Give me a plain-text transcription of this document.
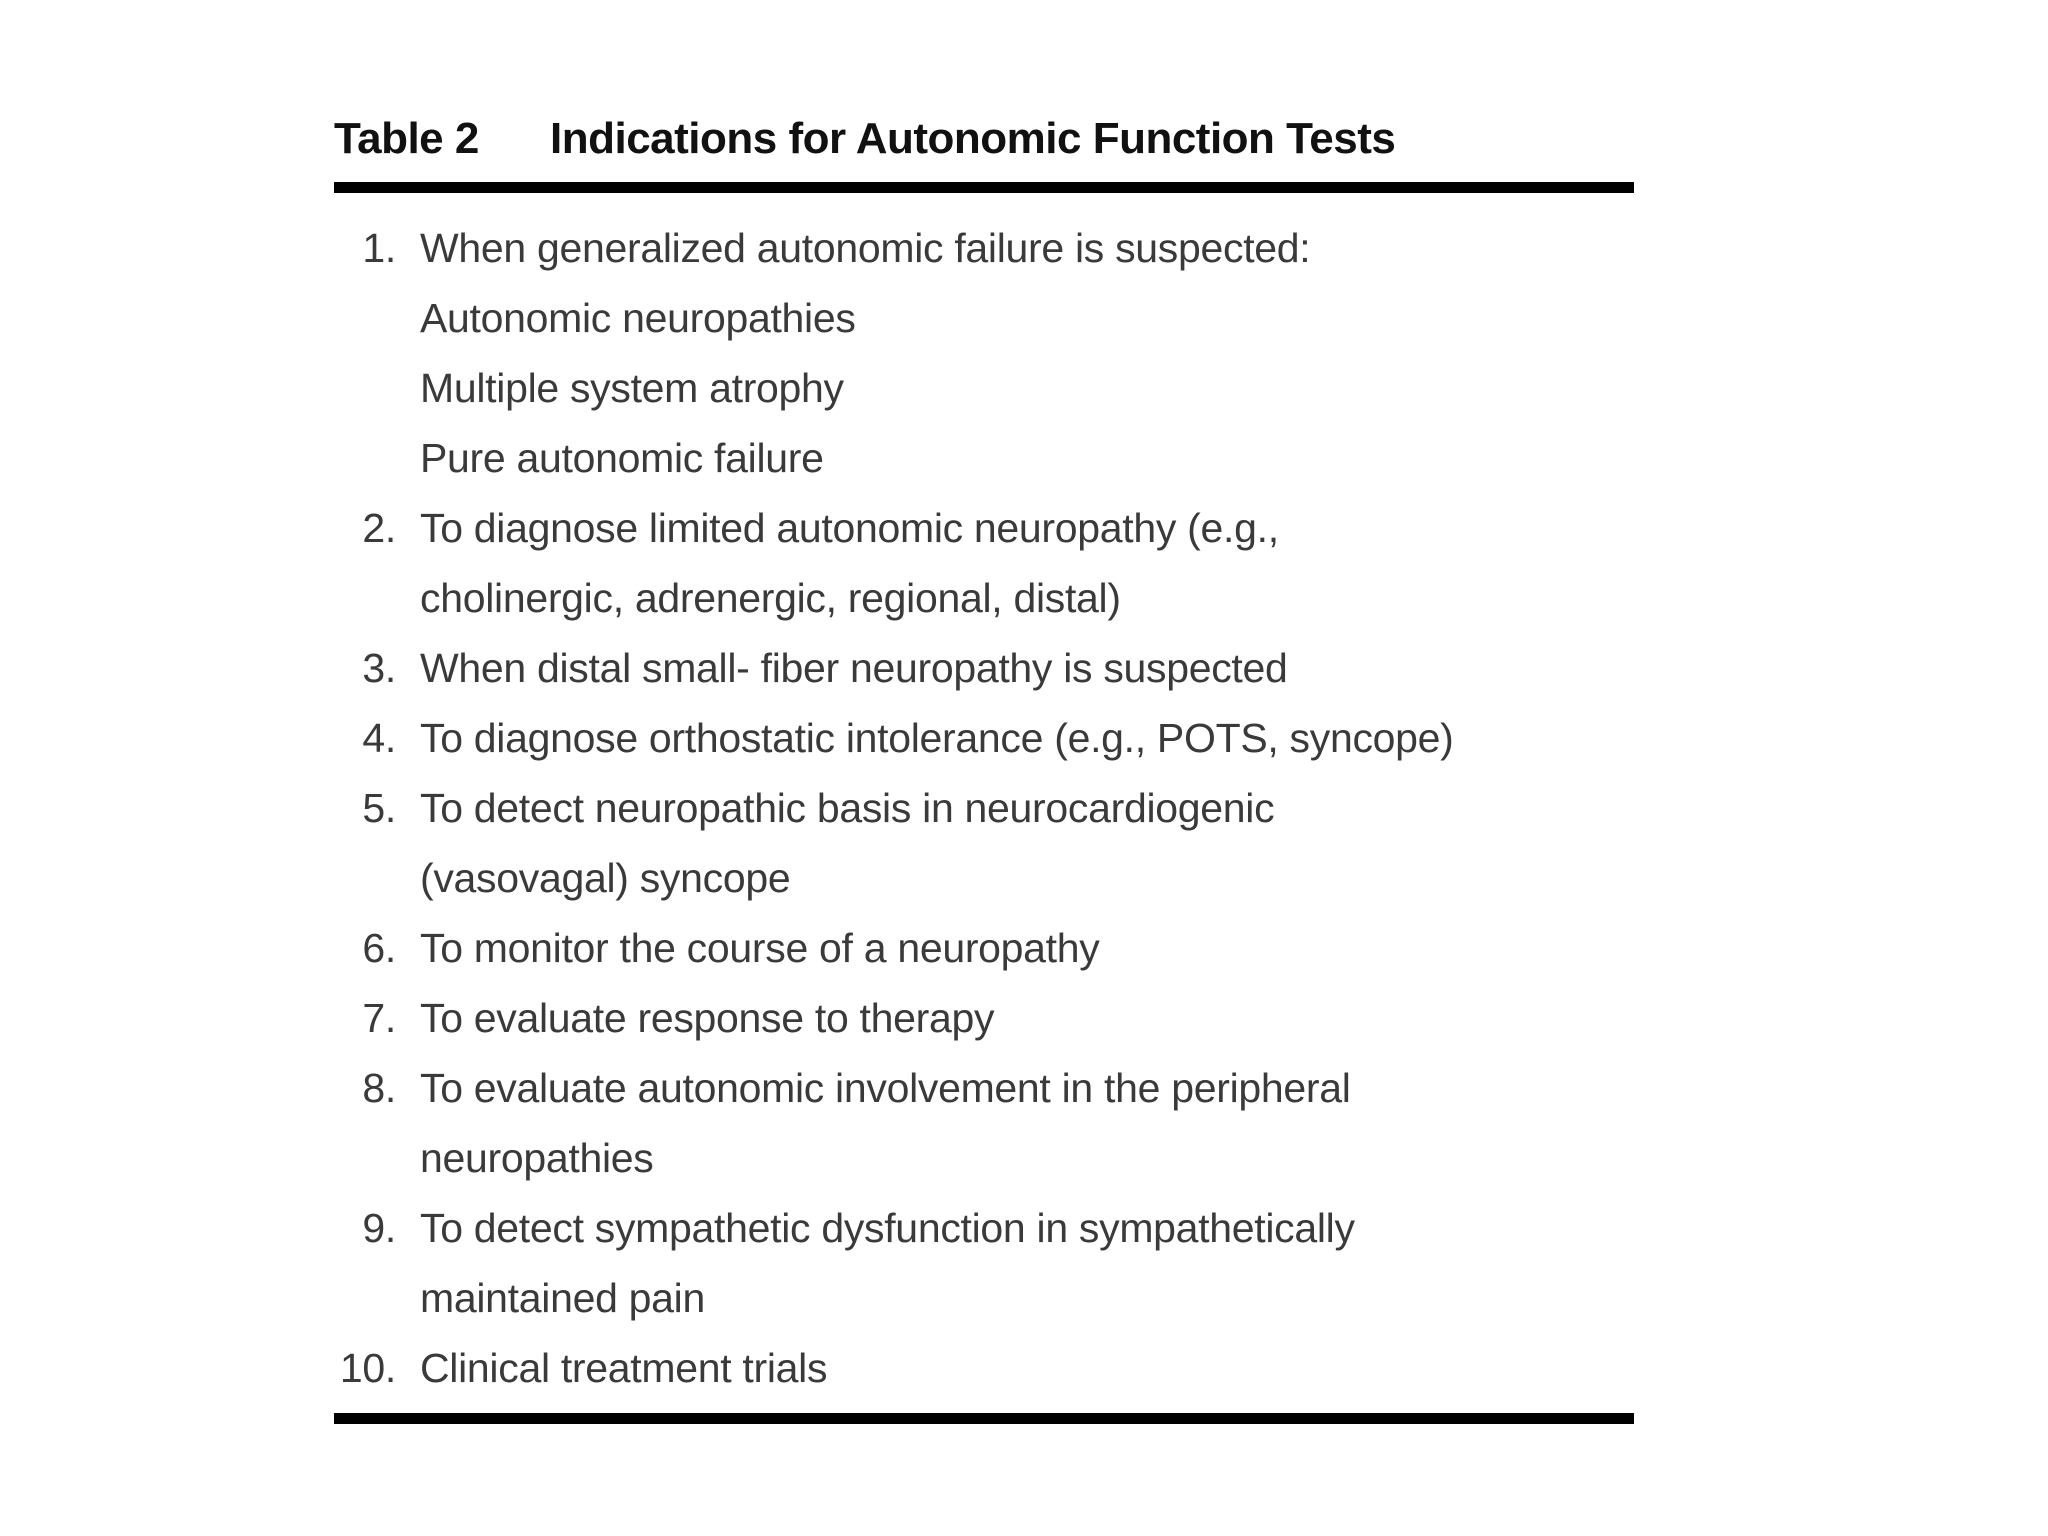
Table 2 Indications for Autonomic Function Tests
1. When generalized autonomic failure is suspected:
Autonomic neuropathies
Multiple system atrophy
Pure autonomic failure
2. To diagnose limited autonomic neuropathy (e.g.,
cholinergic, adrenergic, regional, distal)
3. When distal small- fiber neuropathy is suspected
4. To diagnose orthostatic intolerance (e.g., POTS, syncope)
5. To detect neuropathic basis in neurocardiogenic
(vasovagal) syncope
6. To monitor the course of a neuropathy
7. To evaluate response to therapy
8. To evaluate autonomic involvement in the peripheral
neuropathies
9. To detect sympathetic dysfunction in sympathetically
maintained pain
10. Clinical treatment trials
